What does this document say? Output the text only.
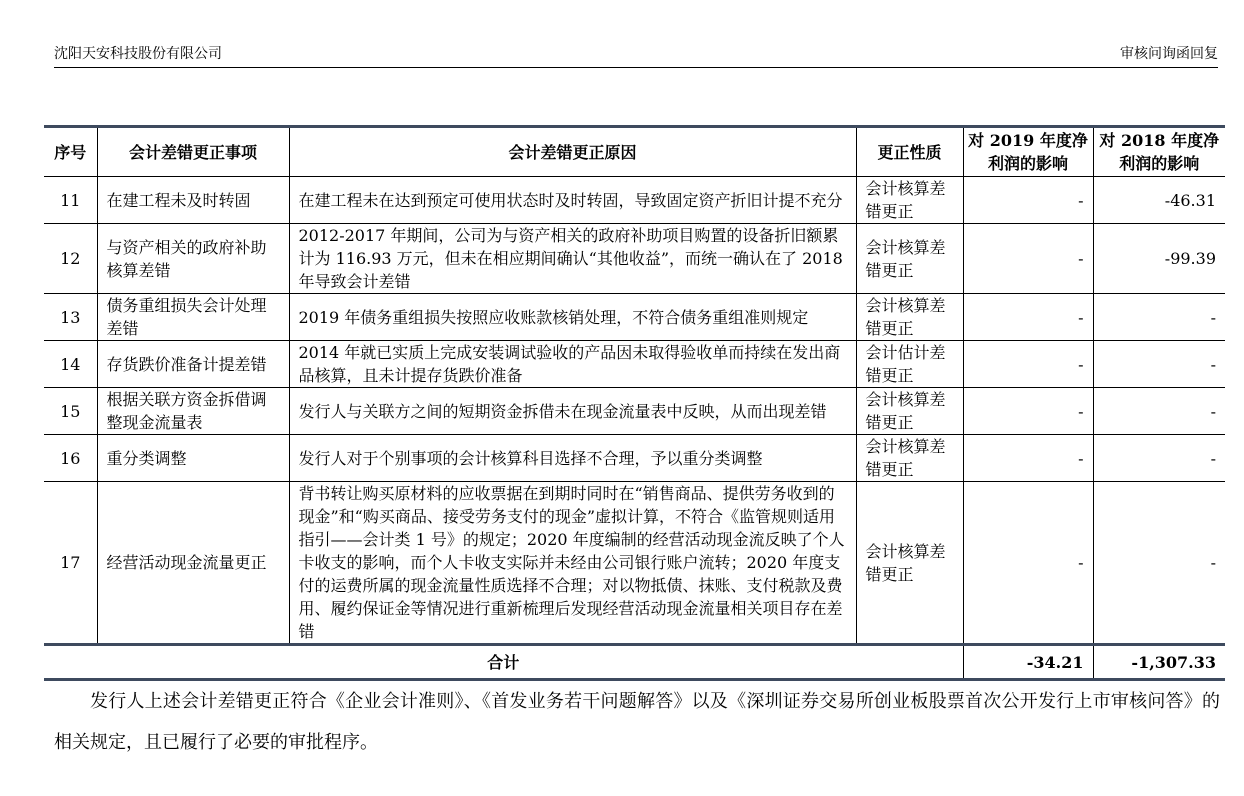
沈阳天安科技股份有限公司	审核问询函回复
序号	会计差错更正事项	会计差错更正原因	更正性质	对 2019 年度净利润的影响	对 2018 年度净利润的影响
11	在建工程未及时转固	在建工程未在达到预定可使用状态时及时转固，导致固定资产折旧计提不充分	会计核算差错更正	-	-46.31
12	与资产相关的政府补助核算差错	2012-2017 年期间，公司为与资产相关的政府补助项目购置的设备折旧额累计为 116.93 万元，但未在相应期间确认“其他收益”，而统一确认在了 2018 年导致会计差错	会计核算差错更正	-	-99.39
13	债务重组损失会计处理差错	2019 年债务重组损失按照应收账款核销处理，不符合债务重组准则规定	会计核算差错更正	-	-
14	存货跌价准备计提差错	2014 年就已实质上完成安装调试验收的产品因未取得验收单而持续在发出商品核算，且未计提存货跌价准备	会计估计差错更正	-	-
15	根据关联方资金拆借调整现金流量表	发行人与关联方之间的短期资金拆借未在现金流量表中反映，从而出现差错	会计核算差错更正	-	-
16	重分类调整	发行人对于个别事项的会计核算科目选择不合理，予以重分类调整	会计核算差错更正	-	-
17	经营活动现金流量更正	背书转让购买原材料的应收票据在到期时同时在“销售商品、提供劳务收到的现金”和“购买商品、接受劳务支付的现金”虚拟计算，不符合《监管规则适用指引——会计类 1 号》的规定；2020 年度编制的经营活动现金流反映了个人卡收支的影响，而个人卡收支实际并未经由公司银行账户流转；2020 年度支付的运费所属的现金流量性质选择不合理；对以物抵债、抹账、支付税款及费用、履约保证金等情况进行重新梳理后发现经营活动现金流量相关项目存在差错	会计核算差错更正	-	-
合计				-34.21	-1,307.33

发行人上述会计差错更正符合《企业会计准则》、《首发业务若干问题解答》以及《深圳证券交易所创业板股票首次公开发行上市审核问答》的相关规定，且已履行了必要的审批程序。
